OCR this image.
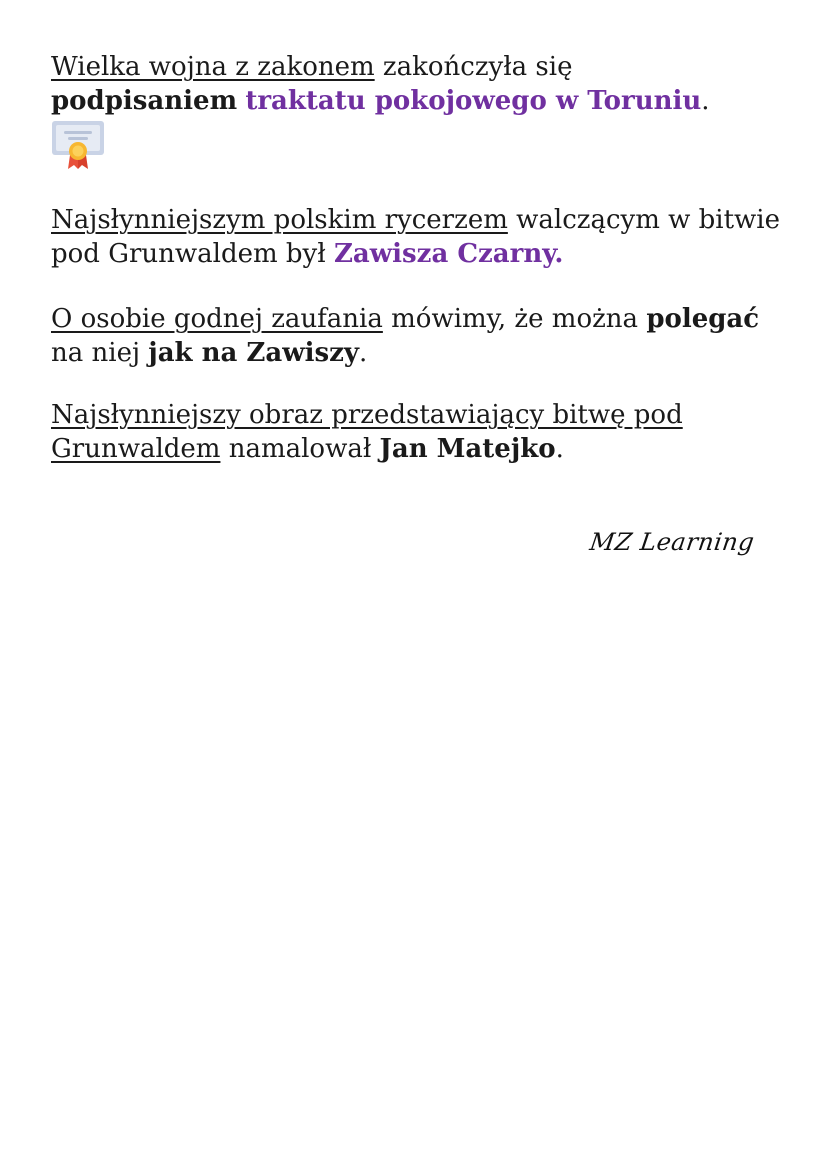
Wielka wojna z zakonem zakończyła się
podpisaniem traktatu pokojowego w Toruniu.

Najsłynniejszym polskim rycerzem walczącym w bitwie pod Grunwaldem był Zawisza Czarny.

O osobie godnej zaufania mówimy, że można polegać na niej jak na Zawiszy.

Najsłynniejszy obraz przedstawiający bitwę pod Grunwaldem namalował Jan Matejko.

MZ Learning
